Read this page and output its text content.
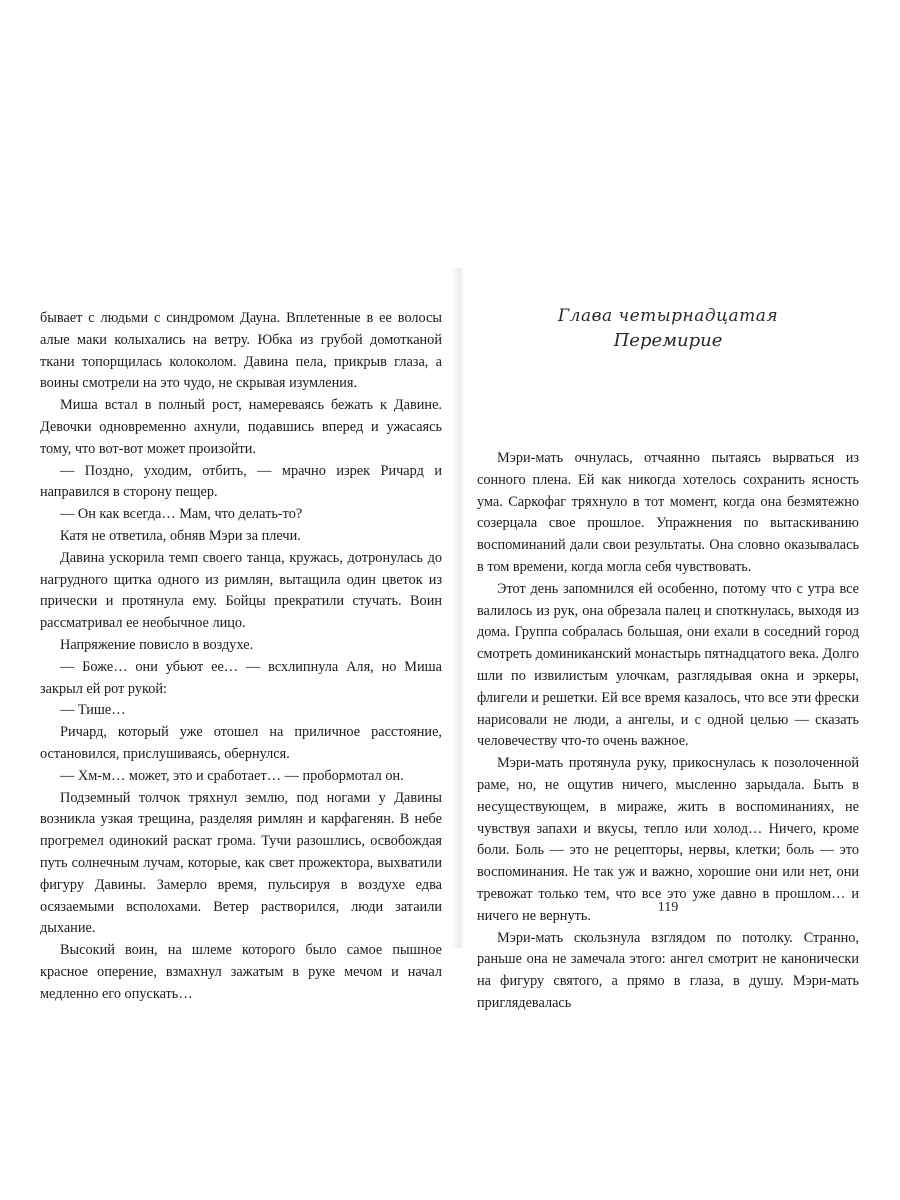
бывает с людьми с синдромом Дауна. Вплетенные в ее волосы алые маки колыхались на ветру. Юбка из грубой домотканой ткани топорщилась колоколом. Давина пела, прикрыв глаза, а воины смотрели на это чудо, не скрывая изумления.

Миша встал в полный рост, намереваясь бежать к Давине. Девочки одновременно ахнули, подавшись вперед и ужасаясь тому, что вот-вот может произойти.

— Поздно, уходим, отбить, — мрачно изрек Ричард и направился в сторону пещер.

— Он как всегда… Мам, что делать-то?

Катя не ответила, обняв Мэри за плечи.

Давина ускорила темп своего танца, кружась, дотронулась до нагрудного щитка одного из римлян, вытащила один цветок из прически и протянула ему. Бойцы прекратили стучать. Воин рассматривал ее необычное лицо.

Напряжение повисло в воздухе.

— Боже… они убьют ее… — всхлипнула Аля, но Миша закрыл ей рот рукой:

— Тише…

Ричард, который уже отошел на приличное расстояние, остановился, прислушиваясь, обернулся.

— Хм-м… может, это и сработает… — пробормотал он.

Подземный толчок тряхнул землю, под ногами у Давины возникла узкая трещина, разделяя римлян и карфагенян. В небе прогремел одинокий раскат грома. Тучи разошлись, освобождая путь солнечным лучам, которые, как свет прожектора, выхватили фигуру Давины. Замерло время, пульсируя в воздухе едва осязаемыми всполохами. Ветер растворился, люди затаили дыхание.

Высокий воин, на шлеме которого было самое пышное красное оперение, взмахнул зажатым в руке мечом и начал медленно его опускать…

Глава четырнадцатая
Перемирие

Мэри-мать очнулась, отчаянно пытаясь вырваться из сонного плена. Ей как никогда хотелось сохранить ясность ума. Саркофаг тряхнуло в тот момент, когда она безмятежно созерцала свое прошлое. Упражнения по вытаскиванию воспоминаний дали свои результаты. Она словно оказывалась в том времени, когда могла себя чувствовать.

Этот день запомнился ей особенно, потому что с утра все валилось из рук, она обрезала палец и споткнулась, выходя из дома. Группа собралась большая, они ехали в соседний город смотреть доминиканский монастырь пятнадцатого века. Долго шли по извилистым улочкам, разглядывая окна и эркеры, флигели и решетки. Ей все время казалось, что все эти фрески нарисовали не люди, а ангелы, и с одной целью — сказать человечеству что-то очень важное.

Мэри-мать протянула руку, прикоснулась к позолоченной раме, но, не ощутив ничего, мысленно зарыдала. Быть в несуществующем, в мираже, жить в воспоминаниях, не чувствуя запахи и вкусы, тепло или холод… Ничего, кроме боли. Боль — это не рецепторы, нервы, клетки; боль — это воспоминания. Не так уж и важно, хорошие они или нет, они тревожат только тем, что все это уже давно в прошлом… и ничего не вернуть.

Мэри-мать скользнула взглядом по потолку. Странно, раньше она не замечала этого: ангел смотрит не канонически на фигуру святого, а прямо в глаза, в душу. Мэри-мать приглядевалась

119
